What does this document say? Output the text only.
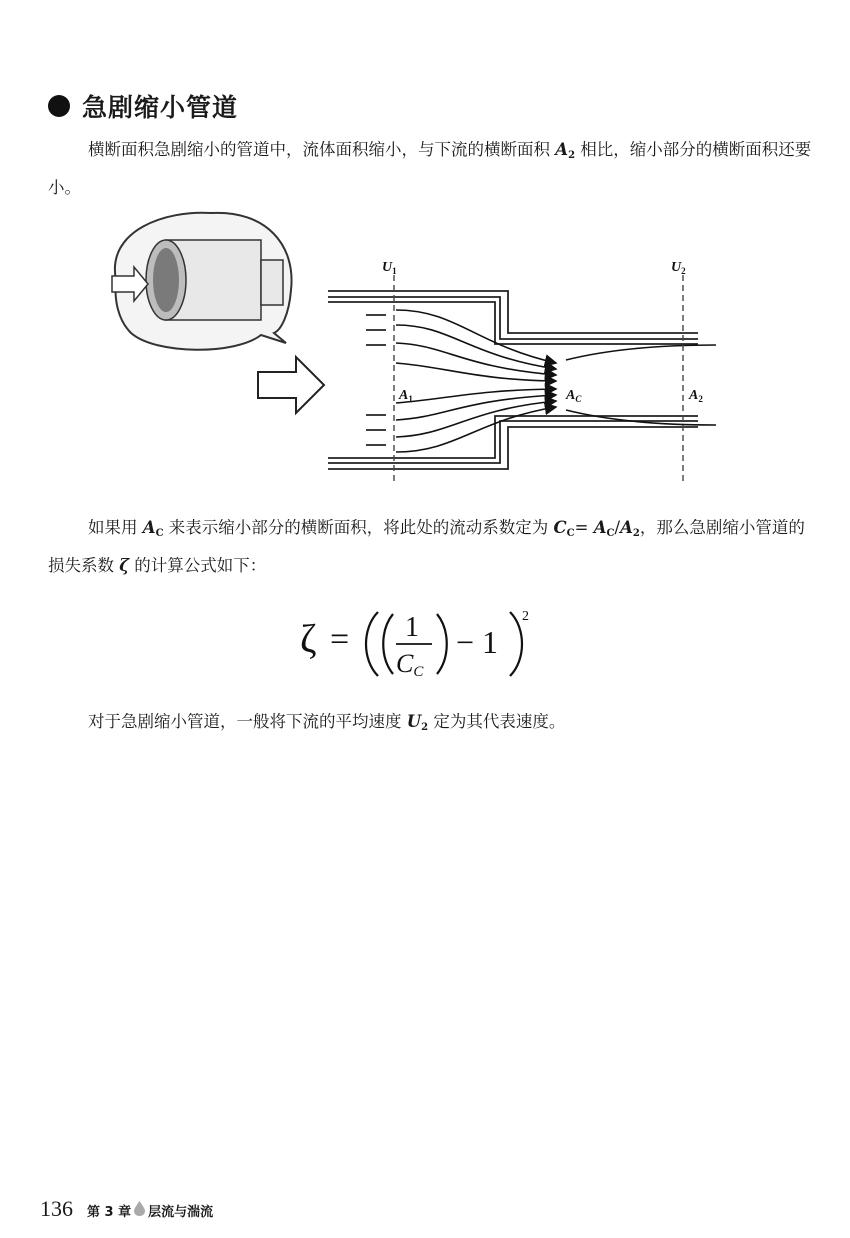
急剧缩小管道
横断面积急剧缩小的管道中，流体面积缩小，与下流的横断面积 $A_2$ 相比，缩小部分的横断面积还要小。
$U_1$	$U_2$
$A_1$	$A_C$	$A_2$
如果用 $A_C$ 来表示缩小部分的横断面积，将此处的流动系数定为 $C_C= A_C/A_2$，那么急剧缩小管道的损失系数 ζ 的计算公式如下：
ζ = 1
CC
− 1
2
对于急剧缩小管道，一般将下流的平均速度 $U_2$ 定为其代表速度。
136 第 3 章 层流与湍流
